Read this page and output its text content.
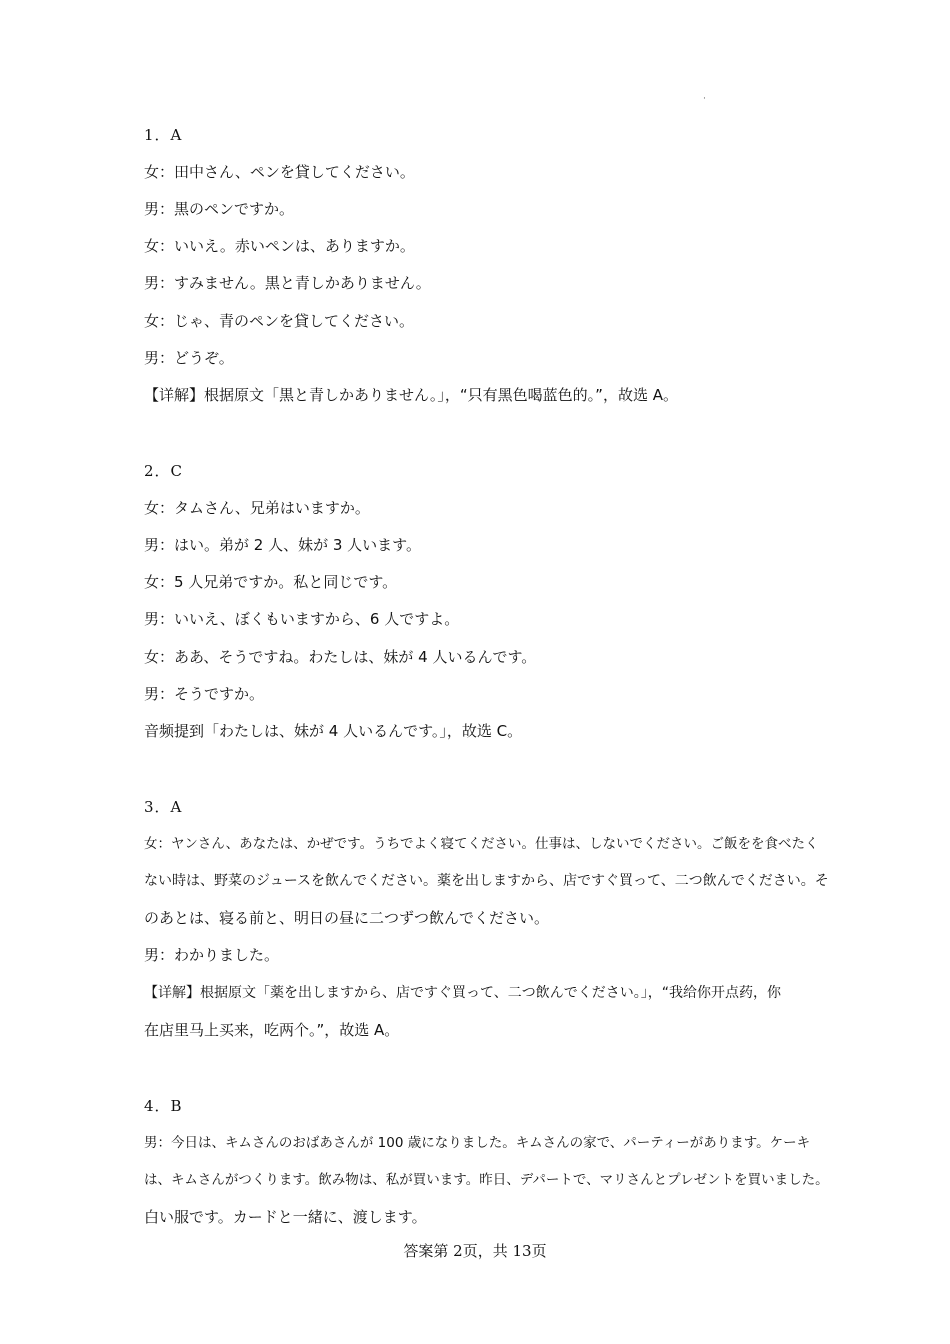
·
1．A
女：田中さん、ペンを貸してください。
男：黒のペンですか。
女：いいえ。赤いペンは、ありますか。
男：すみません。黒と青しかありません。
女：じゃ、青のペンを貸してください。
男：どうぞ。
【详解】根据原文「黒と青しかありません。」，“只有黑色喝蓝色的。”，故选 A。
2．C
女：タムさん、兄弟はいますか。
男：はい。弟が 2 人、妹が 3 人います。
女：5 人兄弟ですか。私と同じです。
男：いいえ、ぼくもいますから、6 人ですよ。
女：ああ、そうですね。わたしは、妹が 4 人いるんです。
男：そうですか。
音频提到「わたしは、妹が 4 人いるんです。」，故选 C。
3．A
女：ヤンさん、あなたは、かぜです。うちでよく寝てください。仕事は、しないでください。ご飯をを食べたく
ない時は、野菜のジュースを飲んでください。薬を出しますから、店ですぐ買って、二つ飲んでください。そ
のあとは、寝る前と、明日の昼に二つずつ飲んでください。
男：わかりました。
【详解】根据原文「薬を出しますから、店ですぐ買って、二つ飲んでください。」，“我给你开点药，你
在店里马上买来，吃两个。”，故选 A。
4．B
男：今日は、キムさんのおばあさんが 100 歳になりました。キムさんの家で、パーティーがあります。ケーキ
は、キムさんがつくります。飲み物は、私が買います。昨日、デパートで、マリさんとプレゼントを買いました。
白い服です。カードと一緒に、渡します。
答案第 2页，共 13页
